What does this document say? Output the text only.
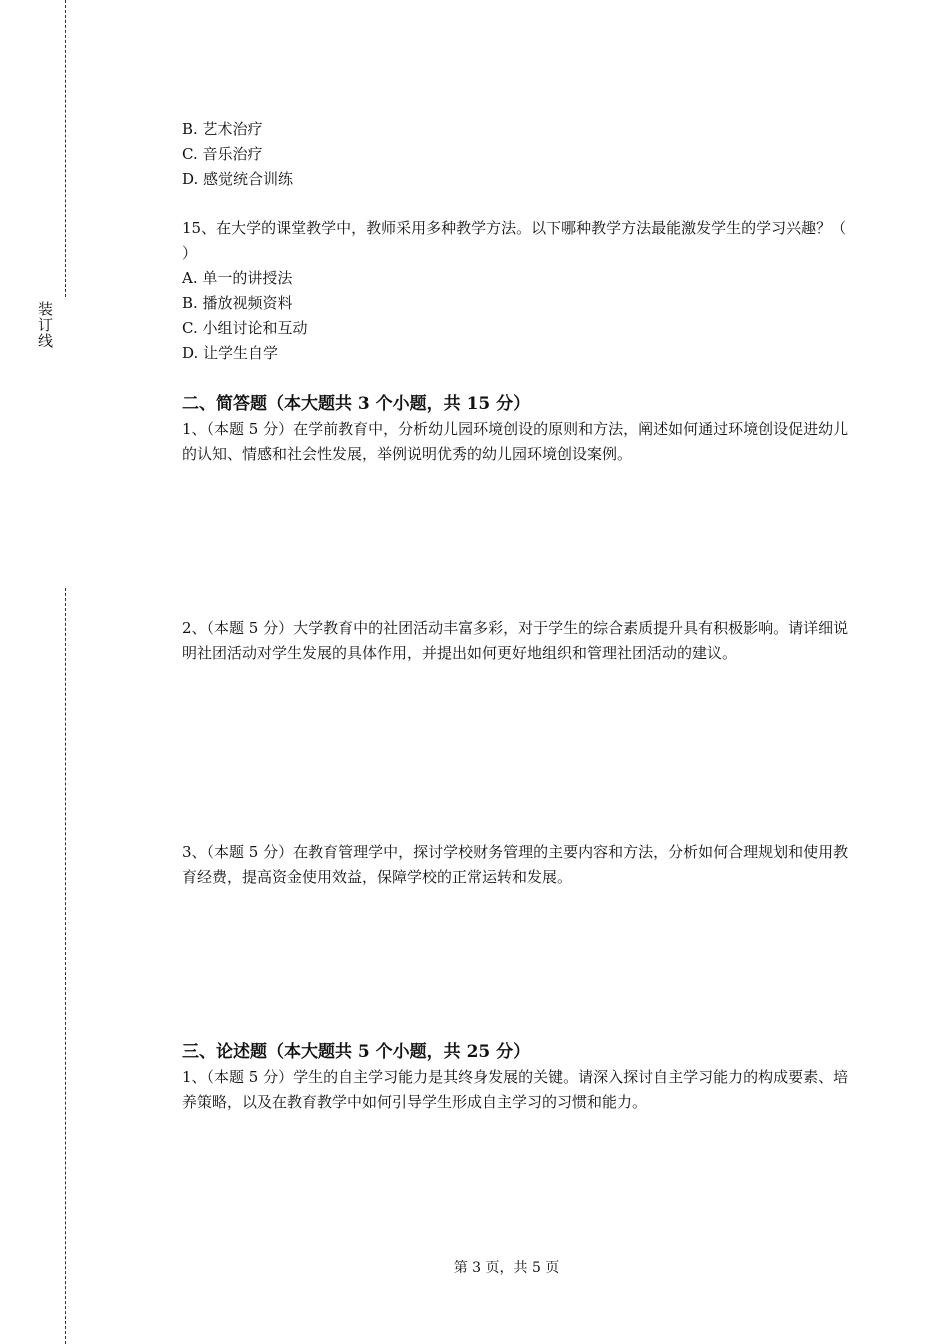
装订线
B. 艺术治疗
C. 音乐治疗
D. 感觉统合训练
15、在大学的课堂教学中，教师采用多种教学方法。以下哪种教学方法最能激发学生的学习兴趣？（ ）
A. 单一的讲授法
B. 播放视频资料
C. 小组讨论和互动
D. 让学生自学
二、简答题（本大题共 3 个小题，共 15 分）
1、（本题 5 分）在学前教育中，分析幼儿园环境创设的原则和方法，阐述如何通过环境创设促进幼儿的认知、情感和社会性发展，举例说明优秀的幼儿园环境创设案例。
2、（本题 5 分）大学教育中的社团活动丰富多彩，对于学生的综合素质提升具有积极影响。请详细说明社团活动对学生发展的具体作用，并提出如何更好地组织和管理社团活动的建议。
3、（本题 5 分）在教育管理学中，探讨学校财务管理的主要内容和方法，分析如何合理规划和使用教育经费，提高资金使用效益，保障学校的正常运转和发展。
三、论述题（本大题共 5 个小题，共 25 分）
1、（本题 5 分）学生的自主学习能力是其终身发展的关键。请深入探讨自主学习能力的构成要素、培养策略，以及在教育教学中如何引导学生形成自主学习的习惯和能力。
第 3 页，共 5 页
